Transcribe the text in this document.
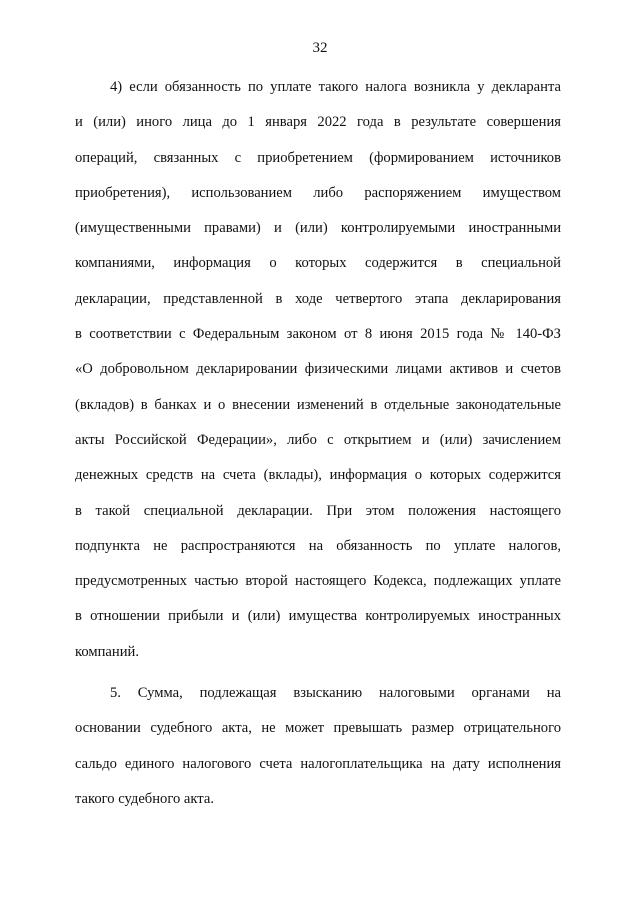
32
4) если обязанность по уплате такого налога возникла у декларанта
и (или) иного лица до 1 января 2022 года в результате совершения
операций, связанных с приобретением (формированием источников
приобретения), использованием либо распоряжением имуществом
(имущественными правами) и (или) контролируемыми иностранными
компаниями, информация о которых содержится в специальной
декларации, представленной в ходе четвертого этапа декларирования
в соответствии с Федеральным законом от 8 июня 2015 года № 140-ФЗ
«О добровольном декларировании физическими лицами активов и счетов
(вкладов) в банках и о внесении изменений в отдельные законодательные
акты Российской Федерации», либо с открытием и (или) зачислением
денежных средств на счета (вклады), информация о которых содержится
в такой специальной декларации. При этом положения настоящего
подпункта не распространяются на обязанность по уплате налогов,
предусмотренных частью второй настоящего Кодекса, подлежащих уплате
в отношении прибыли и (или) имущества контролируемых иностранных
компаний.
5. Сумма, подлежащая взысканию налоговыми органами на
основании судебного акта, не может превышать размер отрицательного
сальдо единого налогового счета налогоплательщика на дату исполнения
такого судебного акта.
